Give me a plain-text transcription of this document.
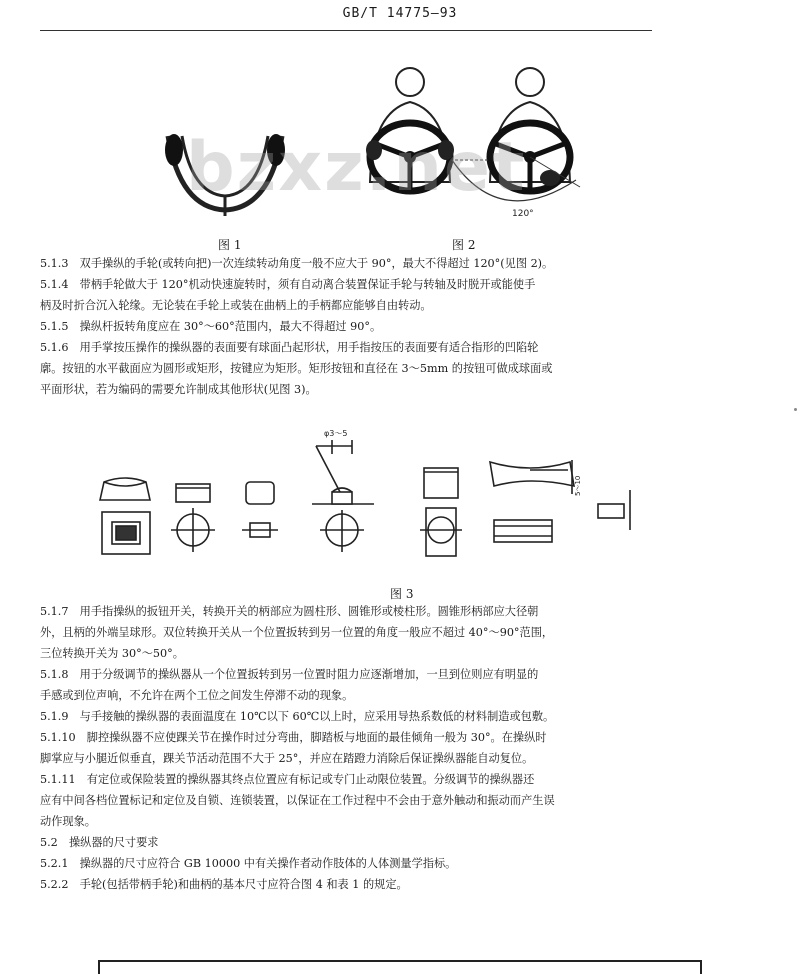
GB/T 14775—93
图 1
120°
图 2
bzxz.net
5.1.3　双手操纵的手轮(或转向把)一次连续转动角度一般不应大于 90°，最大不得超过 120°(见图 2)。
5.1.4　带柄手轮做大于 120°机动快速旋转时，须有自动离合装置保证手轮与转轴及时脱开或能使手
柄及时折合沉入轮缘。无论装在手轮上或装在曲柄上的手柄都应能够自由转动。
5.1.5　操纵杆扳转角度应在 30°～60°范围内，最大不得超过 90°。
5.1.6　用手掌按压操作的操纵器的表面要有球面凸起形状，用手指按压的表面要有适合指形的凹陷轮
廓。按钮的水平截面应为圆形或矩形，按键应为矩形。矩形按钮和直径在 3～5mm 的按钮可做成球面或
平面形状，若为编码的需要允许制成其他形状(见图 3)。
φ3～5
5～10
图 3
5.1.7　用手指操纵的扳钮开关，转换开关的柄部应为圆柱形、圆锥形或棱柱形。圆锥形柄部应大径朝
外，且柄的外端呈球形。双位转换开关从一个位置扳转到另一位置的角度一般应不超过 40°～90°范围，
三位转换开关为 30°～50°。
5.1.8　用于分级调节的操纵器从一个位置扳转到另一位置时阻力应逐渐增加，一旦到位则应有明显的
手感或到位声响，不允许在两个工位之间发生停滞不动的现象。
5.1.9　与手接触的操纵器的表面温度在 10℃以下 60℃以上时，应采用导热系数低的材料制造或包敷。
5.1.10　脚控操纵器不应使踝关节在操作时过分弯曲，脚踏板与地面的最佳倾角一般为 30°。在操纵时
脚掌应与小腿近似垂直，踝关节活动范围不大于 25°，并应在踏蹬力消除后保证操纵器能自动复位。
5.1.11　有定位或保险装置的操纵器其终点位置应有标记或专门止动限位装置。分级调节的操纵器还
应有中间各档位置标记和定位及自锁、连锁装置，以保证在工作过程中不会由于意外触动和振动而产生误
动作现象。
5.2　操纵器的尺寸要求
5.2.1　操纵器的尺寸应符合 GB 10000 中有关操作者动作肢体的人体测量学指标。
5.2.2　手轮(包括带柄手轮)和曲柄的基本尺寸应符合图 4 和表 1 的规定。
